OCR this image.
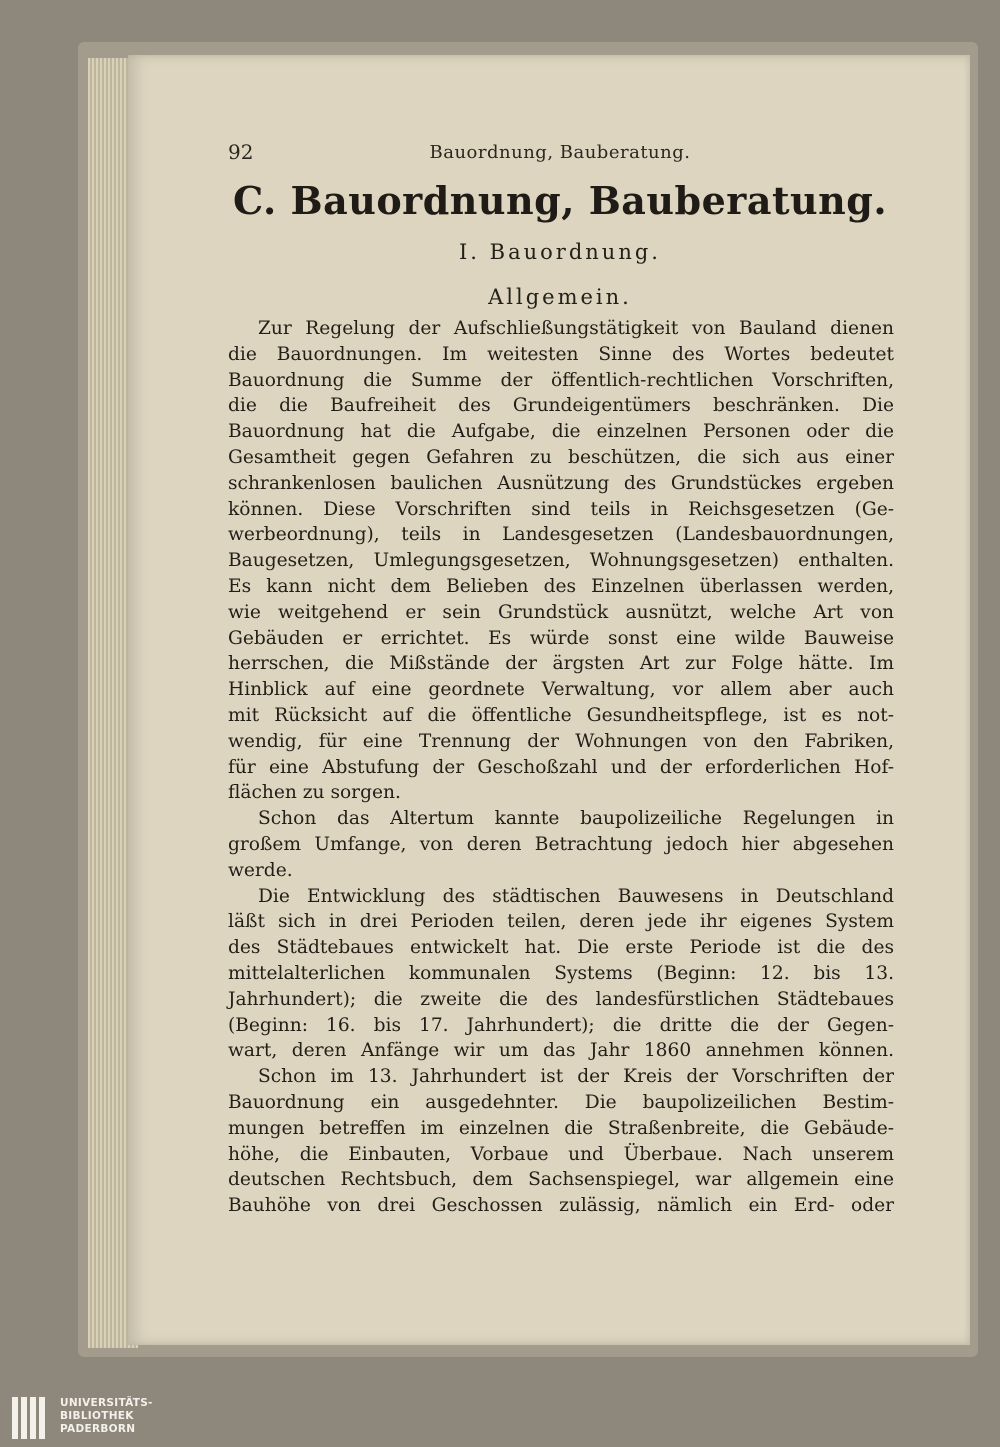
92	Bauordnung, Bauberatung.
C. Bauordnung, Bauberatung.
I. Bauordnung.
Allgemein.
Zur Regelung der Aufschließungstätigkeit von Bauland dienen
die Bauordnungen. Im weitesten Sinne des Wortes bedeutet
Bauordnung die Summe der öffentlich-rechtlichen Vorschriften,
die die Baufreiheit des Grundeigentümers beschränken. Die
Bauordnung hat die Aufgabe, die einzelnen Personen oder die
Gesamtheit gegen Gefahren zu beschützen, die sich aus einer
schrankenlosen baulichen Ausnützung des Grundstückes ergeben
können. Diese Vorschriften sind teils in Reichsgesetzen (Ge-
werbeordnung), teils in Landesgesetzen (Landesbauordnungen,
Baugesetzen, Umlegungsgesetzen, Wohnungsgesetzen) enthalten.
Es kann nicht dem Belieben des Einzelnen überlassen werden,
wie weitgehend er sein Grundstück ausnützt, welche Art von
Gebäuden er errichtet. Es würde sonst eine wilde Bauweise
herrschen, die Mißstände der ärgsten Art zur Folge hätte. Im
Hinblick auf eine geordnete Verwaltung, vor allem aber auch
mit Rücksicht auf die öffentliche Gesundheitspflege, ist es not-
wendig, für eine Trennung der Wohnungen von den Fabriken,
für eine Abstufung der Geschoßzahl und der erforderlichen Hof-
flächen zu sorgen.
Schon das Altertum kannte baupolizeiliche Regelungen in
großem Umfange, von deren Betrachtung jedoch hier abgesehen
werde.
Die Entwicklung des städtischen Bauwesens in Deutschland
läßt sich in drei Perioden teilen, deren jede ihr eigenes System
des Städtebaues entwickelt hat. Die erste Periode ist die des
mittelalterlichen kommunalen Systems (Beginn: 12. bis 13.
Jahrhundert); die zweite die des landesfürstlichen Städtebaues
(Beginn: 16. bis 17. Jahrhundert); die dritte die der Gegen-
wart, deren Anfänge wir um das Jahr 1860 annehmen können.
Schon im 13. Jahrhundert ist der Kreis der Vorschriften der
Bauordnung ein ausgedehnter. Die baupolizeilichen Bestim-
mungen betreffen im einzelnen die Straßenbreite, die Gebäude-
höhe, die Einbauten, Vorbaue und Überbaue. Nach unserem
deutschen Rechtsbuch, dem Sachsenspiegel, war allgemein eine
Bauhöhe von drei Geschossen zulässig, nämlich ein Erd- oder
UNIVERSITÄTS-
BIBLIOTHEK
PADERBORN
